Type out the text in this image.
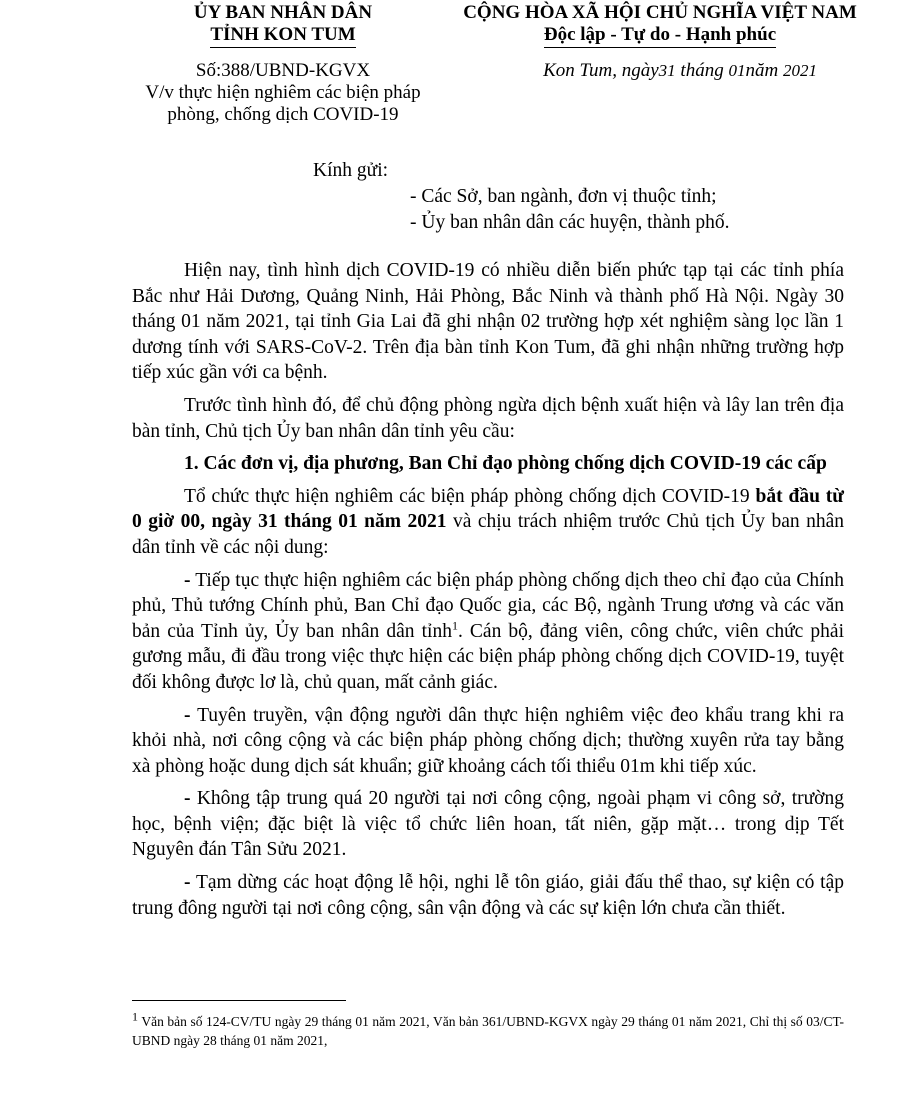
ỦY BAN NHÂN DÂN
TỈNH KON TUM
Số:388/UBND-KGVX
V/v thực hiện nghiêm các biện pháp
phòng, chống dịch COVID-19
CỘNG HÒA XÃ HỘI CHỦ NGHĨA VIỆT NAM
Độc lập - Tự do - Hạnh phúc
Kon Tum, ngày31 tháng 01năm 2021
Kính gửi:
- Các Sở, ban ngành, đơn vị thuộc tỉnh;
- Ủy ban nhân dân các huyện, thành phố.

Hiện nay, tình hình dịch COVID-19 có nhiều diễn biến phức tạp tại các tỉnh phía Bắc như Hải Dương, Quảng Ninh, Hải Phòng, Bắc Ninh và thành phố Hà Nội. Ngày 30 tháng 01 năm 2021, tại tỉnh Gia Lai đã ghi nhận 02 trường hợp xét nghiệm sàng lọc lần 1 dương tính với SARS-CoV-2. Trên địa bàn tỉnh Kon Tum, đã ghi nhận những trường hợp tiếp xúc gần với ca bệnh.

Trước tình hình đó, để chủ động phòng ngừa dịch bệnh xuất hiện và lây lan trên địa bàn tỉnh, Chủ tịch Ủy ban nhân dân tỉnh yêu cầu:

1. Các đơn vị, địa phương, Ban Chỉ đạo phòng chống dịch COVID-19 các cấp

Tổ chức thực hiện nghiêm các biện pháp phòng chống dịch COVID-19 bắt đầu từ 0 giờ 00, ngày 31 tháng 01 năm 2021 và chịu trách nhiệm trước Chủ tịch Ủy ban nhân dân tỉnh về các nội dung:

- Tiếp tục thực hiện nghiêm các biện pháp phòng chống dịch theo chỉ đạo của Chính phủ, Thủ tướng Chính phủ, Ban Chỉ đạo Quốc gia, các Bộ, ngành Trung ương và các văn bản của Tỉnh ủy, Ủy ban nhân dân tỉnh$^1$. Cán bộ, đảng viên, công chức, viên chức phải gương mẫu, đi đầu trong việc thực hiện các biện pháp phòng chống dịch COVID-19, tuyệt đối không được lơ là, chủ quan, mất cảnh giác.

- Tuyên truyền, vận động người dân thực hiện nghiêm việc đeo khẩu trang khi ra khỏi nhà, nơi công cộng và các biện pháp phòng chống dịch; thường xuyên rửa tay bằng xà phòng hoặc dung dịch sát khuẩn; giữ khoảng cách tối thiểu 01m khi tiếp xúc.

- Không tập trung quá 20 người tại nơi công cộng, ngoài phạm vi công sở, trường học, bệnh viện; đặc biệt là việc tổ chức liên hoan, tất niên, gặp mặt… trong dịp Tết Nguyên đán Tân Sửu 2021.

- Tạm dừng các hoạt động lễ hội, nghi lễ tôn giáo, giải đấu thể thao, sự kiện có tập trung đông người tại nơi công cộng, sân vận động và các sự kiện lớn chưa cần thiết.

$^1$ Văn bản số 124-CV/TU ngày 29 tháng 01 năm 2021, Văn bản 361/UBND-KGVX ngày 29 tháng 01 năm 2021, Chỉ thị số 03/CT-UBND ngày 28 tháng 01 năm 2021,
